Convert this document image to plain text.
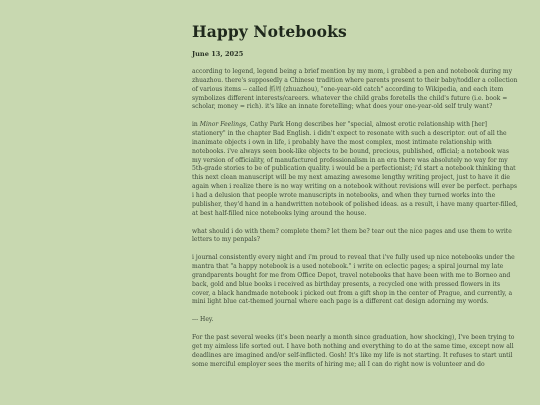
Happy Notebooks
June 13, 2025

according to legend, legend being a brief mention by my mom, i grabbed a pen and notebook during my zhuazhou. there's supposedly a Chinese tradition where parents present to their baby/toddler a collection of various items -- called 抓周 (zhuazhou), "one-year-old catch" according to Wikipedia, and each item symbolizes different interests/careers. whatever the child grabs foretells the child's future (i.e. book = scholar, money = rich). it's like an innate foretelling; what does your one-year-old self truly want?

in Minor Feelings, Cathy Park Hong describes her "special, almost erotic relationship with [her] stationery" in the chapter Bad English. i didn't expect to resonate with such a descriptor. out of all the inanimate objects i own in life, i probably have the most complex, most intimate relationship with notebooks. i've always seen book-like objects to be bound, precious, published, official; a notebook was my version of officiality, of manufactured professionalism in an era there was absolutely no way for my 5th-grade stories to be of publication quality. i would be a perfectionist; i'd start a notebook thinking that this next clean manuscript will be my next amazing awesome lengthy writing project, just to have it die again when i realize there is no way writing on a notebook without revisions will ever be perfect. perhaps i had a delusion that people wrote manuscripts in notebooks, and when they turned works into the publisher, they'd hand in a handwritten notebook of polished ideas. as a result, i have many quarter-filled, at best half-filled nice notebooks lying around the house.

what should i do with them? complete them? let them be? tear out the nice pages and use them to write letters to my penpals?

i journal consistently every night and i'm proud to reveal that i've fully used up nice notebooks under the mantra that "a happy notebook is a used notebook." i write on eclectic pages; a spiral journal my late grandparents bought for me from Office Depot, travel notebooks that have been with me to Borneo and back, gold and blue books i received as birthday presents, a recycled one with pressed flowers in its cover, a black handmade notebook i picked out from a gift shop in the center of Prague, and currently, a mini light blue cat-themed journal where each page is a different cat design adorning my words.

--- Hey.

For the past several weeks (it's been nearly a month since graduation, how shocking), I've been trying to get my aimless life sorted out. I have both nothing and everything to do at the same time, except now all deadlines are imagined and/or self-inflicted. Gosh! It's like my life is not starting. It refuses to start until some merciful employer sees the merits of hiring me; all I can do right now is volunteer and do
